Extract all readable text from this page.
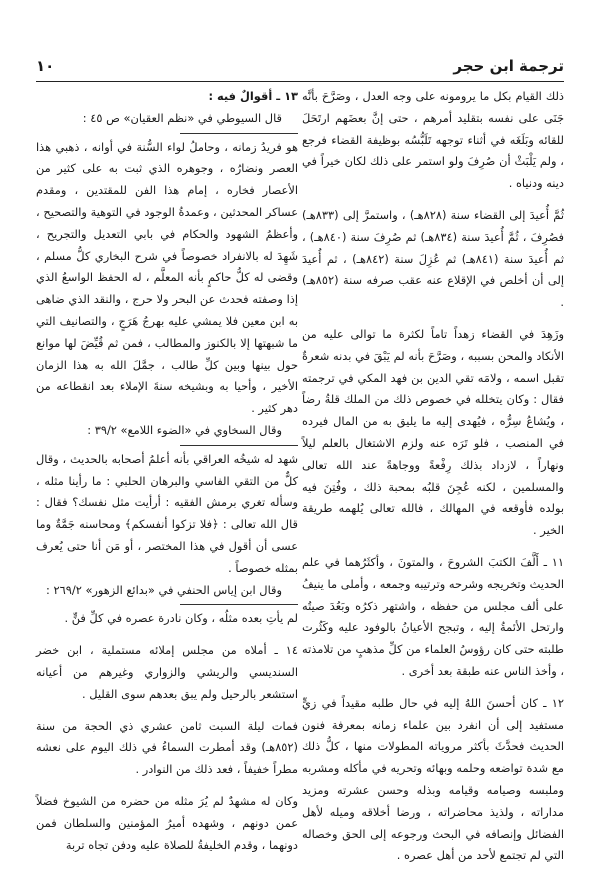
ترجمة ابن حجر
١٠

ذلك القيام بكل ما يرومونه على وجه العدل ، وصَرَّحَ بأنَّه جَنَى على نفسه بتقليد أمرهم ، حتى إنَّ بعضَهم ارتَحَلَ للقائه وبَلَغَه في أثناء توجهه تَلَبُّسُه بوظيفة القضاء فرجع ، ولم يَلْبَثْ أن صُرِفَ ولو استمر على ذلك لكان خيراً في دينه ودنياه .

ثُمَّ أُعيدَ إلى القضاء سنة (٨٢٨هـ) ، واستمرَّ إلى (٨٣٣هـ) فصُرِفَ ، ثُمَّ أُعيدَ سنة (٨٣٤هـ) ثم صُرِفَ سنة (٨٤٠هـ) ، ثم أُعيدَ سنة (٨٤١هـ) ثم عُزِلَ سنة (٨٤٢هـ) ، ثم أُعيدَ إلى أن أخلص في الإقلاع عنه عقب صرفه سنة (٨٥٢هـ) .

وزَهِدَ في القضاء زهداً تاماً لكثرة ما توالى عليه من الأنكاد والمحن بسببه ، وصَرَّحَ بأنه لم يَبْقَ في بدنه شعرةٌ تقبل اسمه ، ولامَه تقي الدين بن فهد المكي في ترجمته فقال : وكان يتخلله في خصوص ذلك من الملك قلةُ رضاً ، ويُشاعُ سِرُّه ، فيُهدى إليه ما يليق به من المال فيرده في المنصب ، فلو تَرَه عنه ولزم الاشتغال بالعلم ليلاً ونهاراً ، لازداد بذلك رِفْعةً ووجاهةً عند الله تعالى والمسلمين ، لكنه عُجِنَ قلبُه بمحبة ذلك ، وفُتِنَ فيه بولده فأوقعه في المهالك ، فالله تعالى يُلهمه طريقة الخير .

١١ ـ أَلَّفَ الكتبَ الشروحَ ، والمتونَ ، وأكثَرُهما في علم الحديث وتخريجه وشرحه وترتيبه وجمعه ، وأملى ما ينيفُ على ألف مجلس من حفظه ، واشتهر ذكرُه وبَعُدَ صيتُه وارتحل الأئمةُ إليه ، وتبجح الأعيانُ بالوفود عليه وكَثُرت طلبته حتى كان رؤوسُ العلماء من كلِّ مذهبٍ من تلامذته ، وأخذ الناس عنه طبقة بعد أخرى .

١٢ ـ كان أحسنَ اللهُ إليه في حال طلبه مقيداً في زيٍّ مستفيد إلى أن انفرد بين علماء زمانه بمعرفة فنون الحديث فحدَّثَ بأكثر مروياته المطولات منها ، كلُّ ذلك مع شدة تواضعه وحلمه وبهائه وتحريه في مأكله ومشربه وملبسه وصيامه وقيامه وبذله وحسن عشرته ومزيد مداراته ، ولذيذ محاضراته ، ورضا أخلاقه وميله لأهل الفضائل وإنصافه في البحث ورجوعه إلى الحق وخصاله التي لم تجتمع لأحد من أهل عصره .

١٣ ـ أقوالٌ فيه :

قال السيوطي في «نظم العقيان» ص ٤٥ :

هو فريدُ زمانه ، وحاملُ لواء السُّنة في أوانه ، ذهبي هذا العصر ونضارُه ، وجوهره الذي ثبت به على كثير من الأعصار فخاره ، إمام هذا الفن للمقتدين ، ومقدم عساكر المحدثين ، وعمدةُ الوجود في التوهية والتصحيح ، وأعظمُ الشهود والحكام في بابي التعديل والتجريح ، شَهِدَ له بالانفراد خصوصاً في شرح البخاري كلُّ مسلم ، وقضى له كلُّ حاكمٍ بأنه المعلَّم ، له الحفظ الواسعُ الذي إذا وصفته فحدث عن البحر ولا حرج ، والنقد الذي ضاهى به ابن معين فلا يمشي عليه بهرجُ هَرَجٍ ، والتصانيف التي ما شبهتها إلا بالكنوز والمطالب ، فمن ثم قُيِّضَ لها موانع حول بينها وبين كلِّ طالب ، جمَّلَ الله به هذا الزمان الأخير ، وأحيا به وبشيخه سنةَ الإملاء بعد انقطاعه من دهر كثير .

وقال السخاوي في «الضوء اللامع» ٣٩/٢ :

شهد له شيخُه العراقي بأنه أعلمُ أصحابه بالحديث ، وقال كلٌّ من التقي الفاسي والبرهان الحلبي : ما رأينا مثله ، وسأله تغري برمش الفقيه : أرأيت مثل نفسك؟ فقال : قال الله تعالى : ﴿فلا تزكوا أنفسكم﴾ ومحاسنه جَمَّةٌ وما عسى أن أقول في هذا المختصر ، أو مَن أنا حتى يُعرف بمثله خصوصاً .

وقال ابن إياس الحنفي في «بدائع الزهور» ٢٦٩/٢ :

لم يأتِ بعده مثلُه ، وكان نادرة عصره في كلِّ فنٍّ .

١٤ ـ أملاه من مجلس إملائه مستملية ، ابن خضر السنديسي والريشي والزواري وغيرهم من أعيانه استشعر بالرحيل ولم يبق بعدهم سوى القليل .

فمات ليلة السبت ثامن عشري ذي الحجة من سنة (٨٥٢هـ) وقد أمطرت السماءُ في ذلك اليوم على نعشه مطراً خفيفاً ، فعد ذلك من النوادر .

وكان له مشهدٌ لم يُرَ مثله من حضره من الشيوخ فضلاً عمن دونهم ، وشهده أميرُ المؤمنين والسلطان فمن دونهما ، وقدم الخليفةُ للصلاة عليه ودفن تجاه تربة
